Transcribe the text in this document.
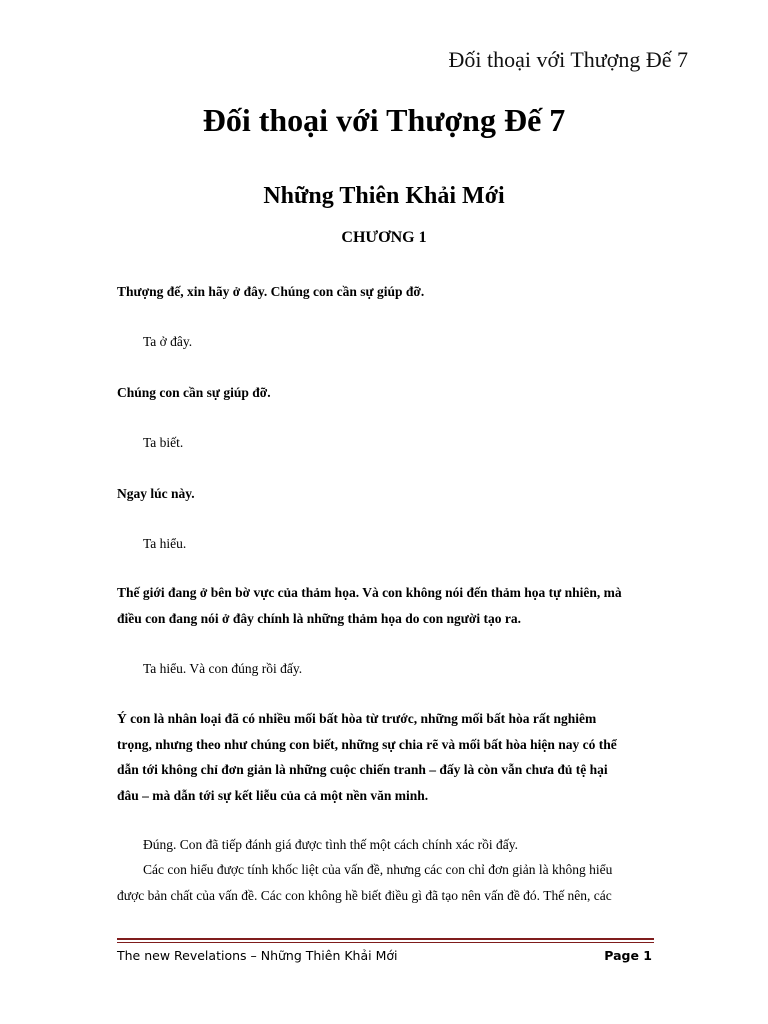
Đối thoại với Thượng Đế 7
Đối thoại với Thượng Đế 7
Những Thiên Khải Mới
CHƯƠNG 1

Thượng đế, xin hãy ở đây. Chúng con cần sự giúp đỡ.

Ta ở đây.

Chúng con cần sự giúp đỡ.

Ta biết.

Ngay lúc này.

Ta hiểu.

Thế giới đang ở bên bờ vực của thảm họa. Và con không nói đến thảm họa tự nhiên, mà
điều con đang nói ở đây chính là những thảm họa do con người tạo ra.

Ta hiểu. Và con đúng rồi đấy.

Ý con là nhân loại đã có nhiều mối bất hòa từ trước, những mối bất hòa rất nghiêm
trọng, nhưng theo như chúng con biết, những sự chia rẽ và mối bất hòa hiện nay có thể
dẫn tới không chỉ đơn giản là những cuộc chiến tranh – đấy là còn vẫn chưa đủ tệ hại
đâu – mà dẫn tới sự kết liễu của cả một nền văn minh.

Đúng. Con đã tiếp đánh giá được tình thế một cách chính xác rồi đấy.

Các con hiểu được tính khốc liệt của vấn đề, nhưng các con chỉ đơn giản là không hiểu
được bản chất của vấn đề. Các con không hề biết điều gì đã tạo nên vấn đề đó. Thế nên, các

The new Revelations – Những Thiên Khải Mới	Page 1
